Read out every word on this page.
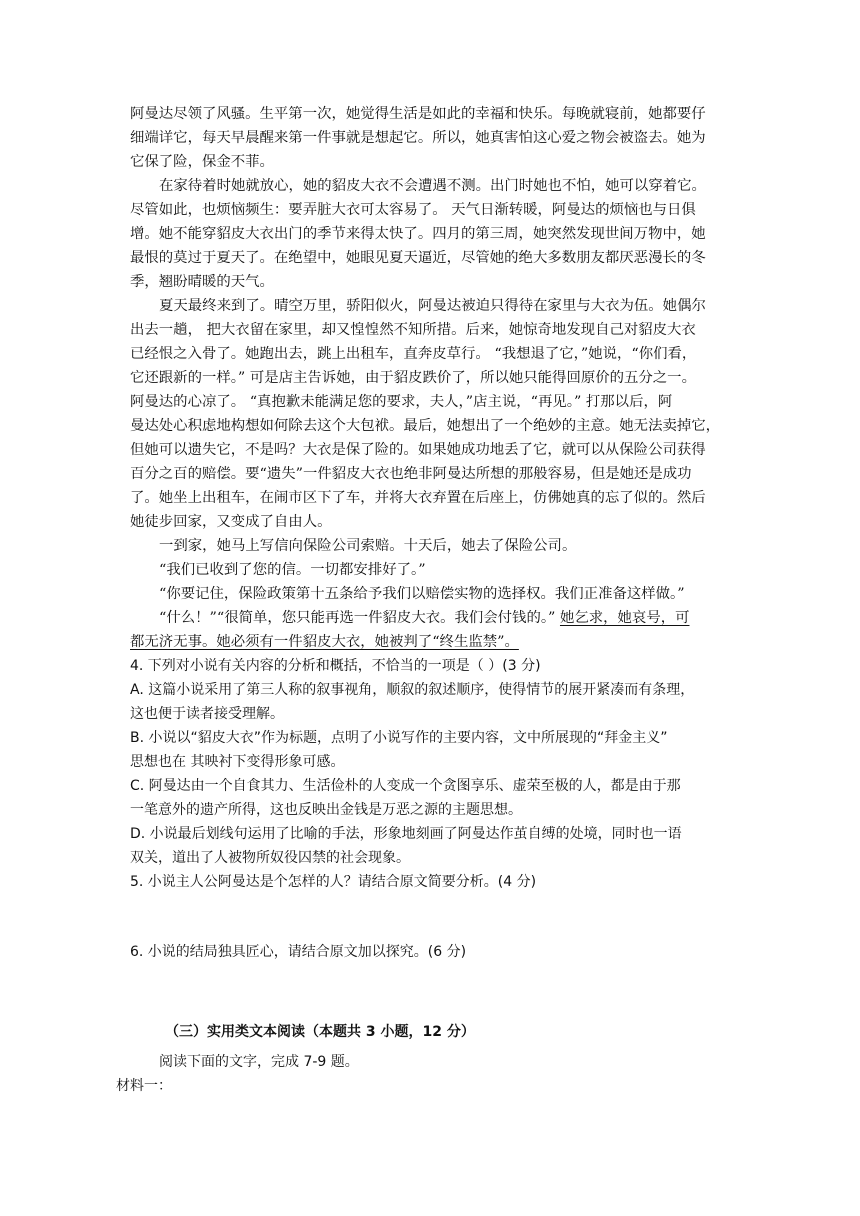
阿曼达尽领了风骚。生平第一次，她觉得生活是如此的幸福和快乐。每晚就寝前，她都要仔
细端详它，每天早晨醒来第一件事就是想起它。所以，她真害怕这心爱之物会被盗去。她为
它保了险，保金不菲。
在家待着时她就放心，她的貂皮大衣不会遭遇不测。出门时她也不怕，她可以穿着它。
尽管如此，也烦恼频生：要弄脏大衣可太容易了。 天气日渐转暖，阿曼达的烦恼也与日俱
增。她不能穿貂皮大衣出门的季节来得太快了。四月的第三周，她突然发现世间万物中，她
最恨的莫过于夏天了。在绝望中，她眼见夏天逼近，尽管她的绝大多数朋友都厌恶漫长的冬
季，翘盼晴暖的天气。
夏天最终来到了。晴空万里，骄阳似火，阿曼达被迫只得待在家里与大衣为伍。她偶尔
出去一趟， 把大衣留在家里，却又惶惶然不知所措。后来，她惊奇地发现自己对貂皮大衣
已经恨之入骨了。她跑出去，跳上出租车，直奔皮草行。 “我想退了它，”她说，“你们看，
它还跟新的一样。” 可是店主告诉她，由于貂皮跌价了，所以她只能得回原价的五分之一。
阿曼达的心凉了。 “真抱歉未能满足您的要求，夫人，”店主说，“再见。” 打那以后，阿
曼达处心积虑地构想如何除去这个大包袱。最后，她想出了一个绝妙的主意。她无法卖掉它，
但她可以遗失它，不是吗？大衣是保了险的。如果她成功地丢了它，就可以从保险公司获得
百分之百的赔偿。要“遗失”一件貂皮大衣也绝非阿曼达所想的那般容易，但是她还是成功
了。她坐上出租车，在闹市区下了车，并将大衣弃置在后座上，仿佛她真的忘了似的。然后
她徒步回家，又变成了自由人。
一到家，她马上写信向保险公司索赔。十天后，她去了保险公司。
“我们已收到了您的信。一切都安排好了。”
“你要记住，保险政策第十五条给予我们以赔偿实物的选择权。我们正准备这样做。”
“什么！”“很简单，您只能再选一件貂皮大衣。我们会付钱的。” 她乞求，她哀号，可
都无济无事。她必须有一件貂皮大衣，她被判了“终生监禁”。
4. 下列对小说有关内容的分析和概括，不恰当的一项是（ ）(3 分)
A. 这篇小说采用了第三人称的叙事视角，顺叙的叙述顺序，使得情节的展开紧凑而有条理，
这也便于读者接受理解。
B. 小说以“貂皮大衣”作为标题，点明了小说写作的主要内容，文中所展现的“拜金主义”
思想也在 其映衬下变得形象可感。
C. 阿曼达由一个自食其力、生活俭朴的人变成一个贪图享乐、虚荣至极的人，都是由于那
一笔意外的遗产所得，这也反映出金钱是万恶之源的主题思想。
D. 小说最后划线句运用了比喻的手法，形象地刻画了阿曼达作茧自缚的处境，同时也一语
双关，道出了人被物所奴役囚禁的社会现象。
5. 小说主人公阿曼达是个怎样的人？请结合原文简要分析。(4 分)
6. 小说的结局独具匠心，请结合原文加以探究。(6 分)
（三）实用类文本阅读（本题共 3 小题，12 分）
阅读下面的文字，完成 7-9 题。
材料一：
